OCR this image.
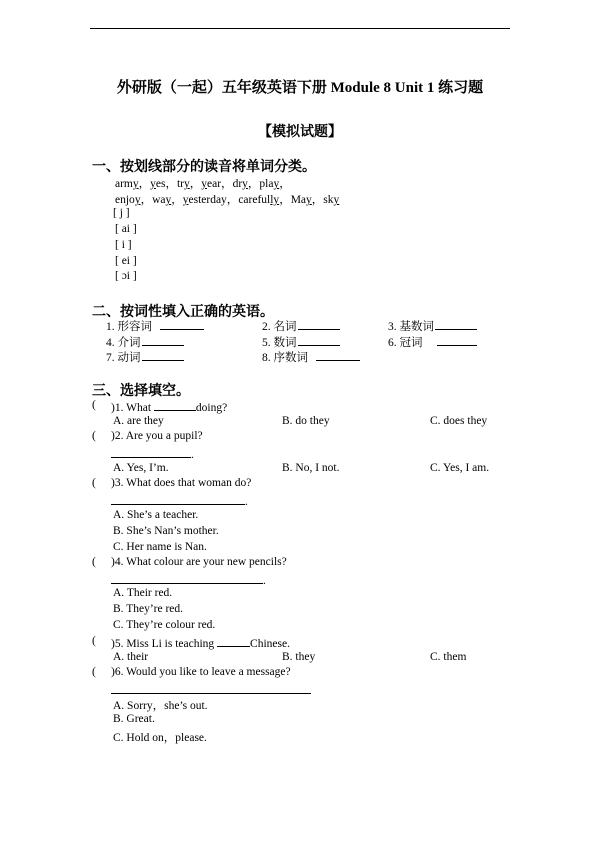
外研版（一起）五年级英语下册 Module 8 Unit 1 练习题
【模拟试题】
一、按划线部分的读音将单词分类。
army，yes，try，year，dry，play，
enjoy，way，yesterday，carefully，May，sky
[ j ]
[ ai ]
[ i ]
[ ei ]
[ ɔi ]
二、按词性填入正确的英语。
1. 形容词	2. 名词	3. 基数词
4. 介词	5. 数词	6. 冠词
7. 动词	8. 序数词
三、选择填空。
( )1. What	doing?
A. are they	B. do they	C. does they
( )2. Are you a pupil?
.
A. Yes, I’m.	B. No, I not.	C. Yes, I am.
( )3. What does that woman do?
.
A. She’s a teacher.
B. She’s Nan’s mother.
C. Her name is Nan.
( )4. What colour are your new pencils?
.
A. Their red.
B. They’re red.
C. They’re colour red.
( )5. Miss Li is teaching	Chinese.
A. their	B. they	C. them
( )6. Would you like to leave a message?
A. Sorry，she’s out.
B. Great.
C. Hold on，please.
